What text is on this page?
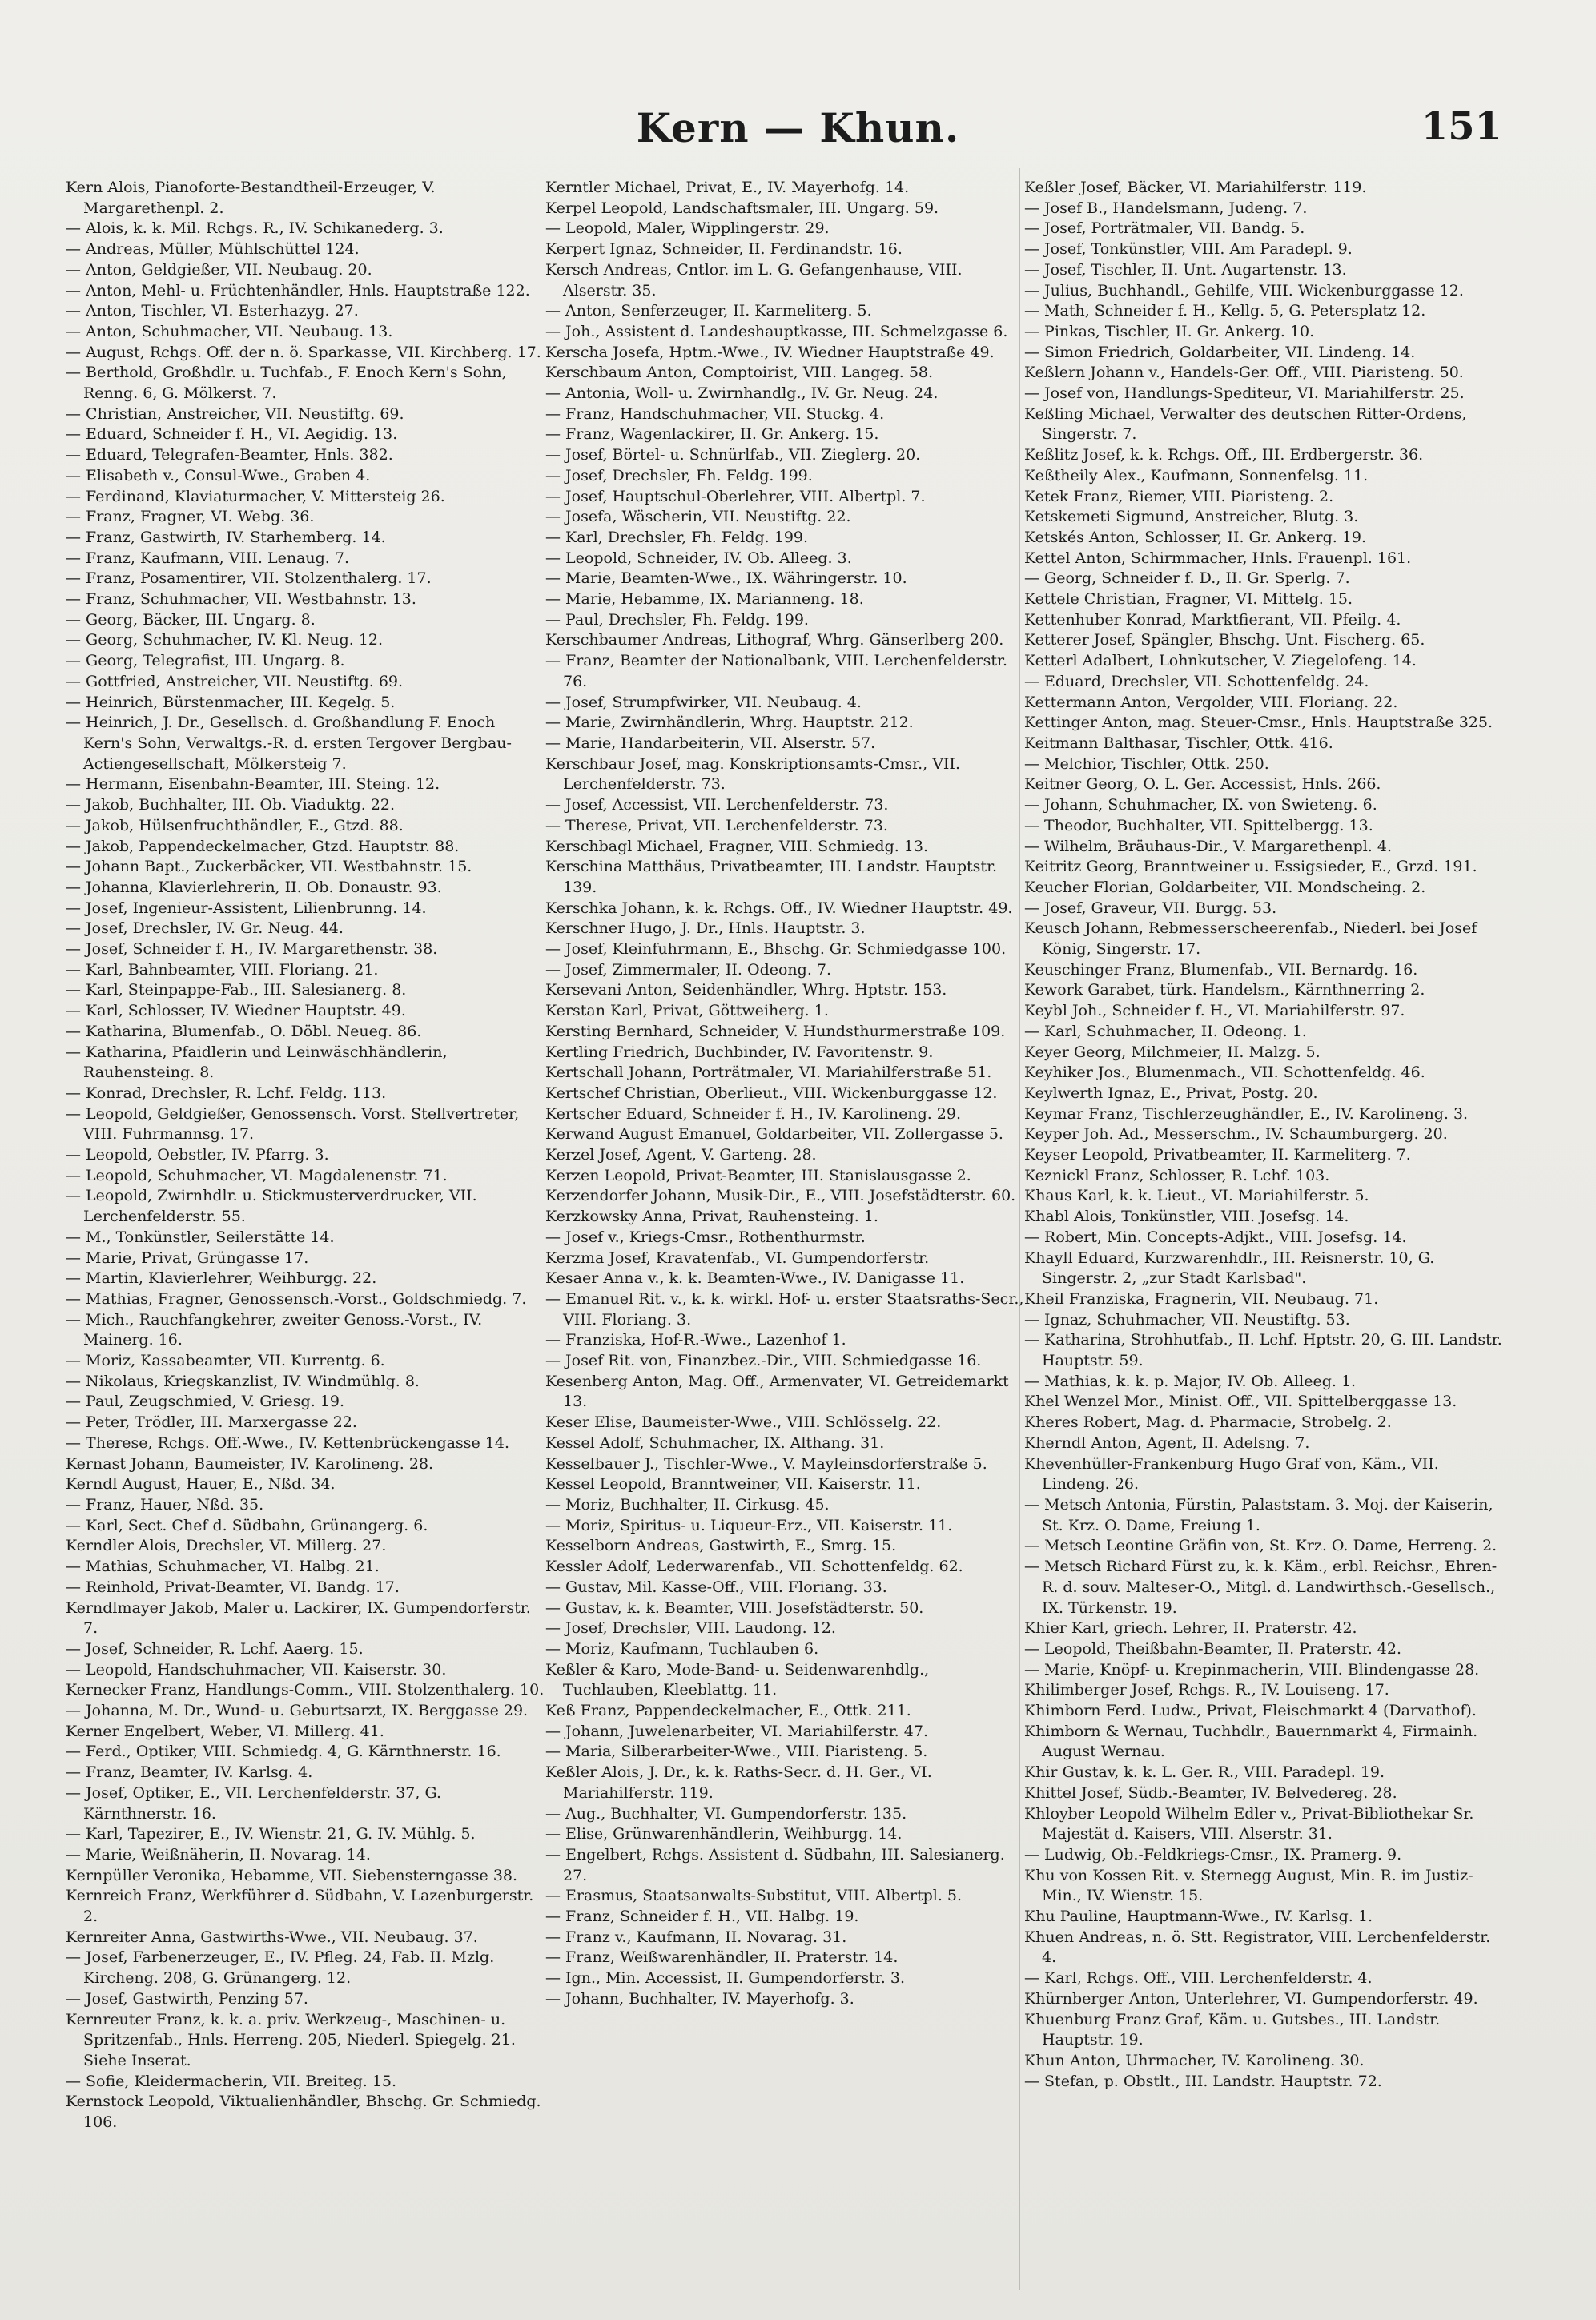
Kern — Khun.	151

Kern Alois, Pianoforte-Bestandtheil-Erzeuger, V. Margarethenpl. 2.

— Alois, k. k. Mil. Rchgs. R., IV. Schikanederg. 3.

— Andreas, Müller, Mühlschüttel 124.

— Anton, Geldgießer, VII. Neubaug. 20.

— Anton, Mehl- u. Früchtenhändler, Hnls. Hauptstraße 122.

— Anton, Tischler, VI. Esterhazyg. 27.

— Anton, Schuhmacher, VII. Neubaug. 13.

— August, Rchgs. Off. der n. ö. Sparkasse, VII. Kirchberg. 17.

— Berthold, Großhdlr. u. Tuchfab., F. Enoch Kern's Sohn, Renng. 6, G. Mölkerst. 7.

— Christian, Anstreicher, VII. Neustiftg. 69.

— Eduard, Schneider f. H., VI. Aegidig. 13.

— Eduard, Telegrafen-Beamter, Hnls. 382.

— Elisabeth v., Consul-Wwe., Graben 4.

— Ferdinand, Klaviaturmacher, V. Mittersteig 26.

— Franz, Fragner, VI. Webg. 36.

— Franz, Gastwirth, IV. Starhemberg. 14.

— Franz, Kaufmann, VIII. Lenaug. 7.

— Franz, Posamentirer, VII. Stolzenthalerg. 17.

— Franz, Schuhmacher, VII. Westbahnstr. 13.

— Georg, Bäcker, III. Ungarg. 8.

— Georg, Schuhmacher, IV. Kl. Neug. 12.

— Georg, Telegrafist, III. Ungarg. 8.

— Gottfried, Anstreicher, VII. Neustiftg. 69.

— Heinrich, Bürstenmacher, III. Kegelg. 5.

— Heinrich, J. Dr., Gesellsch. d. Großhandlung F. Enoch Kern's Sohn, Verwaltgs.-R. d. ersten Tergover Bergbau-Actiengesellschaft, Mölkersteig 7.

— Hermann, Eisenbahn-Beamter, III. Steing. 12.

— Jakob, Buchhalter, III. Ob. Viaduktg. 22.

— Jakob, Hülsenfruchthändler, E., Gtzd. 88.

— Jakob, Pappendeckelmacher, Gtzd. Hauptstr. 88.

— Johann Bapt., Zuckerbäcker, VII. Westbahnstr. 15.

— Johanna, Klavierlehrerin, II. Ob. Donaustr. 93.

— Josef, Ingenieur-Assistent, Lilienbrunng. 14.

— Josef, Drechsler, IV. Gr. Neug. 44.

— Josef, Schneider f. H., IV. Margarethenstr. 38.

— Karl, Bahnbeamter, VIII. Floriang. 21.

— Karl, Steinpappe-Fab., III. Salesianerg. 8.

— Karl, Schlosser, IV. Wiedner Hauptstr. 49.

— Katharina, Blumenfab., O. Döbl. Neueg. 86.

— Katharina, Pfaidlerin und Leinwäschhändlerin, Rauhensteing. 8.

— Konrad, Drechsler, R. Lchf. Feldg. 113.

— Leopold, Geldgießer, Genossensch. Vorst. Stellvertreter, VIII. Fuhrmannsg. 17.

— Leopold, Oebstler, IV. Pfarrg. 3.

— Leopold, Schuhmacher, VI. Magdalenenstr. 71.

— Leopold, Zwirnhdlr. u. Stickmusterverdrucker, VII. Lerchenfelderstr. 55.

— M., Tonkünstler, Seilerstätte 14.

— Marie, Privat, Grüngasse 17.

— Martin, Klavierlehrer, Weihburgg. 22.

— Mathias, Fragner, Genossensch.-Vorst., Goldschmiedg. 7.

— Mich., Rauchfangkehrer, zweiter Genoss.-Vorst., IV. Mainerg. 16.

— Moriz, Kassabeamter, VII. Kurrentg. 6.

— Nikolaus, Kriegskanzlist, IV. Windmühlg. 8.

— Paul, Zeugschmied, V. Griesg. 19.

— Peter, Trödler, III. Marxergasse 22.

— Therese, Rchgs. Off.-Wwe., IV. Kettenbrückengasse 14.

Kernast Johann, Baumeister, IV. Karolineng. 28.

Kerndl August, Hauer, E., Nßd. 34.

— Franz, Hauer, Nßd. 35.

— Karl, Sect. Chef d. Südbahn, Grünangerg. 6.

Kerndler Alois, Drechsler, VI. Millerg. 27.

— Mathias, Schuhmacher, VI. Halbg. 21.

— Reinhold, Privat-Beamter, VI. Bandg. 17.

Kerndlmayer Jakob, Maler u. Lackirer, IX. Gumpendorferstr. 7.

— Josef, Schneider, R. Lchf. Aaerg. 15.

— Leopold, Handschuhmacher, VII. Kaiserstr. 30.

Kernecker Franz, Handlungs-Comm., VIII. Stolzenthalerg. 10.

— Johanna, M. Dr., Wund- u. Geburtsarzt, IX. Berggasse 29.

Kerner Engelbert, Weber, VI. Millerg. 41.

— Ferd., Optiker, VIII. Schmiedg. 4, G. Kärnthnerstr. 16.

— Franz, Beamter, IV. Karlsg. 4.

— Josef, Optiker, E., VII. Lerchenfelderstr. 37, G. Kärnthnerstr. 16.

— Karl, Tapezirer, E., IV. Wienstr. 21, G. IV. Mühlg. 5.

— Marie, Weißnäherin, II. Novarag. 14.

Kernpüller Veronika, Hebamme, VII. Siebensterngasse 38.

Kernreich Franz, Werkführer d. Südbahn, V. Lazenburgerstr. 2.

Kernreiter Anna, Gastwirths-Wwe., VII. Neubaug. 37.

— Josef, Farbenerzeuger, E., IV. Pfleg. 24, Fab. II. Mzlg. Kircheng. 208, G. Grünangerg. 12.

— Josef, Gastwirth, Penzing 57.

Kernreuter Franz, k. k. a. priv. Werkzeug-, Maschinen- u. Spritzenfab., Hnls. Herreng. 205, Niederl. Spiegelg. 21. Siehe Inserat.

— Sofie, Kleidermacherin, VII. Breiteg. 15.

Kernstock Leopold, Viktualienhändler, Bhschg. Gr. Schmiedg. 106.

Kerntler Michael, Privat, E., IV. Mayerhofg. 14.

Kerpel Leopold, Landschaftsmaler, III. Ungarg. 59.

— Leopold, Maler, Wipplingerstr. 29.

Kerpert Ignaz, Schneider, II. Ferdinandstr. 16.

Kersch Andreas, Cntlor. im L. G. Gefangenhause, VIII. Alserstr. 35.

— Anton, Senferzeuger, II. Karmeliterg. 5.

— Joh., Assistent d. Landeshauptkasse, III. Schmelzgasse 6.

Kerscha Josefa, Hptm.-Wwe., IV. Wiedner Hauptstraße 49.

Kerschbaum Anton, Comptoirist, VIII. Langeg. 58.

— Antonia, Woll- u. Zwirnhandlg., IV. Gr. Neug. 24.

— Franz, Handschuhmacher, VII. Stuckg. 4.

— Franz, Wagenlackirer, II. Gr. Ankerg. 15.

— Josef, Börtel- u. Schnürlfab., VII. Zieglerg. 20.

— Josef, Drechsler, Fh. Feldg. 199.

— Josef, Hauptschul-Oberlehrer, VIII. Albertpl. 7.

— Josefa, Wäscherin, VII. Neustiftg. 22.

— Karl, Drechsler, Fh. Feldg. 199.

— Leopold, Schneider, IV. Ob. Alleeg. 3.

— Marie, Beamten-Wwe., IX. Währingerstr. 10.

— Marie, Hebamme, IX. Marianneng. 18.

— Paul, Drechsler, Fh. Feldg. 199.

Kerschbaumer Andreas, Lithograf, Whrg. Gänserlberg 200.

— Franz, Beamter der Nationalbank, VIII. Lerchenfelderstr. 76.

— Josef, Strumpfwirker, VII. Neubaug. 4.

— Marie, Zwirnhändlerin, Whrg. Hauptstr. 212.

— Marie, Handarbeiterin, VII. Alserstr. 57.

Kerschbaur Josef, mag. Konskriptionsamts-Cmsr., VII. Lerchenfelderstr. 73.

— Josef, Accessist, VII. Lerchenfelderstr. 73.

— Therese, Privat, VII. Lerchenfelderstr. 73.

Kerschbagl Michael, Fragner, VIII. Schmiedg. 13.

Kerschina Matthäus, Privatbeamter, III. Landstr. Hauptstr. 139.

Kerschka Johann, k. k. Rchgs. Off., IV. Wiedner Hauptstr. 49.

Kerschner Hugo, J. Dr., Hnls. Hauptstr. 3.

— Josef, Kleinfuhrmann, E., Bhschg. Gr. Schmiedgasse 100.

— Josef, Zimmermaler, II. Odeong. 7.

Kersevani Anton, Seidenhändler, Whrg. Hptstr. 153.

Kerstan Karl, Privat, Göttweiherg. 1.

Kersting Bernhard, Schneider, V. Hundsthurmerstraße 109.

Kertling Friedrich, Buchbinder, IV. Favoritenstr. 9.

Kertschall Johann, Porträtmaler, VI. Mariahilferstraße 51.

Kertschef Christian, Oberlieut., VIII. Wickenburggasse 12.

Kertscher Eduard, Schneider f. H., IV. Karolineng. 29.

Kerwand August Emanuel, Goldarbeiter, VII. Zollergasse 5.

Kerzel Josef, Agent, V. Garteng. 28.

Kerzen Leopold, Privat-Beamter, III. Stanislausgasse 2.

Kerzendorfer Johann, Musik-Dir., E., VIII. Josefstädterstr. 60.

Kerzkowsky Anna, Privat, Rauhensteing. 1.

— Josef v., Kriegs-Cmsr., Rothenthurmstr.

Kerzma Josef, Kravatenfab., VI. Gumpendorferstr.

Kesaer Anna v., k. k. Beamten-Wwe., IV. Danigasse 11.

— Emanuel Rit. v., k. k. wirkl. Hof- u. erster Staatsraths-Secr., VIII. Floriang. 3.

— Franziska, Hof-R.-Wwe., Lazenhof 1.

— Josef Rit. von, Finanzbez.-Dir., VIII. Schmiedgasse 16.

Kesenberg Anton, Mag. Off., Armenvater, VI. Getreidemarkt 13.

Keser Elise, Baumeister-Wwe., VIII. Schlösselg. 22.

Kessel Adolf, Schuhmacher, IX. Althang. 31.

Kesselbauer J., Tischler-Wwe., V. Mayleinsdorferstraße 5.

Kessel Leopold, Branntweiner, VII. Kaiserstr. 11.

— Moriz, Buchhalter, II. Cirkusg. 45.

— Moriz, Spiritus- u. Liqueur-Erz., VII. Kaiserstr. 11.

Kesselborn Andreas, Gastwirth, E., Smrg. 15.

Kessler Adolf, Lederwarenfab., VII. Schottenfeldg. 62.

— Gustav, Mil. Kasse-Off., VIII. Floriang. 33.

— Gustav, k. k. Beamter, VIII. Josefstädterstr. 50.

— Josef, Drechsler, VIII. Laudong. 12.

— Moriz, Kaufmann, Tuchlauben 6.

Keßler & Karo, Mode-Band- u. Seidenwarenhdlg., Tuchlauben, Kleeblattg. 11.

Keß Franz, Pappendeckelmacher, E., Ottk. 211.

— Johann, Juwelenarbeiter, VI. Mariahilferstr. 47.

— Maria, Silberarbeiter-Wwe., VIII. Piaristeng. 5.

Keßler Alois, J. Dr., k. k. Raths-Secr. d. H. Ger., VI. Mariahilferstr. 119.

— Aug., Buchhalter, VI. Gumpendorferstr. 135.

— Elise, Grünwarenhändlerin, Weihburgg. 14.

— Engelbert, Rchgs. Assistent d. Südbahn, III. Salesianerg. 27.

— Erasmus, Staatsanwalts-Substitut, VIII. Albertpl. 5.

— Franz, Schneider f. H., VII. Halbg. 19.

— Franz v., Kaufmann, II. Novarag. 31.

— Franz, Weißwarenhändler, II. Praterstr. 14.

— Ign., Min. Accessist, II. Gumpendorferstr. 3.

— Johann, Buchhalter, IV. Mayerhofg. 3.

Keßler Josef, Bäcker, VI. Mariahilferstr. 119.

— Josef B., Handelsmann, Judeng. 7.

— Josef, Porträtmaler, VII. Bandg. 5.

— Josef, Tonkünstler, VIII. Am Paradepl. 9.

— Josef, Tischler, II. Unt. Augartenstr. 13.

— Julius, Buchhandl., Gehilfe, VIII. Wickenburggasse 12.

— Math, Schneider f. H., Kellg. 5, G. Petersplatz 12.

— Pinkas, Tischler, II. Gr. Ankerg. 10.

— Simon Friedrich, Goldarbeiter, VII. Lindeng. 14.

Keßlern Johann v., Handels-Ger. Off., VIII. Piaristeng. 50.

— Josef von, Handlungs-Spediteur, VI. Mariahilferstr. 25.

Keßling Michael, Verwalter des deutschen Ritter-Ordens, Singerstr. 7.

Keßlitz Josef, k. k. Rchgs. Off., III. Erdbergerstr. 36.

Keßtheily Alex., Kaufmann, Sonnenfelsg. 11.

Ketek Franz, Riemer, VIII. Piaristeng. 2.

Ketskemeti Sigmund, Anstreicher, Blutg. 3.

Ketskés Anton, Schlosser, II. Gr. Ankerg. 19.

Kettel Anton, Schirmmacher, Hnls. Frauenpl. 161.

— Georg, Schneider f. D., II. Gr. Sperlg. 7.

Kettele Christian, Fragner, VI. Mittelg. 15.

Kettenhuber Konrad, Marktfierant, VII. Pfeilg. 4.

Ketterer Josef, Spängler, Bhschg. Unt. Fischerg. 65.

Ketterl Adalbert, Lohnkutscher, V. Ziegelofeng. 14.

— Eduard, Drechsler, VII. Schottenfeldg. 24.

Kettermann Anton, Vergolder, VIII. Floriang. 22.

Kettinger Anton, mag. Steuer-Cmsr., Hnls. Hauptstraße 325.

Keitmann Balthasar, Tischler, Ottk. 416.

— Melchior, Tischler, Ottk. 250.

Keitner Georg, O. L. Ger. Accessist, Hnls. 266.

— Johann, Schuhmacher, IX. von Swieteng. 6.

— Theodor, Buchhalter, VII. Spittelbergg. 13.

— Wilhelm, Bräuhaus-Dir., V. Margarethenpl. 4.

Keitritz Georg, Branntweiner u. Essigsieder, E., Grzd. 191.

Keucher Florian, Goldarbeiter, VII. Mondscheing. 2.

— Josef, Graveur, VII. Burgg. 53.

Keusch Johann, Rebmesserscheerenfab., Niederl. bei Josef König, Singerstr. 17.

Keuschinger Franz, Blumenfab., VII. Bernardg. 16.

Kework Garabet, türk. Handelsm., Kärnthnerring 2.

Keybl Joh., Schneider f. H., VI. Mariahilferstr. 97.

— Karl, Schuhmacher, II. Odeong. 1.

Keyer Georg, Milchmeier, II. Malzg. 5.

Keyhiker Jos., Blumenmach., VII. Schottenfeldg. 46.

Keylwerth Ignaz, E., Privat, Postg. 20.

Keymar Franz, Tischlerzeughändler, E., IV. Karolineng. 3.

Keyper Joh. Ad., Messerschm., IV. Schaumburgerg. 20.

Keyser Leopold, Privatbeamter, II. Karmeliterg. 7.

Keznickl Franz, Schlosser, R. Lchf. 103.

Khaus Karl, k. k. Lieut., VI. Mariahilferstr. 5.

Khabl Alois, Tonkünstler, VIII. Josefsg. 14.

— Robert, Min. Concepts-Adjkt., VIII. Josefsg. 14.

Khayll Eduard, Kurzwarenhdlr., III. Reisnerstr. 10, G. Singerstr. 2, „zur Stadt Karlsbad".

Kheil Franziska, Fragnerin, VII. Neubaug. 71.

— Ignaz, Schuhmacher, VII. Neustiftg. 53.

— Katharina, Strohhutfab., II. Lchf. Hptstr. 20, G. III. Landstr. Hauptstr. 59.

— Mathias, k. k. p. Major, IV. Ob. Alleeg. 1.

Khel Wenzel Mor., Minist. Off., VII. Spittelberggasse 13.

Kheres Robert, Mag. d. Pharmacie, Strobelg. 2.

Kherndl Anton, Agent, II. Adelsng. 7.

Khevenhüller-Frankenburg Hugo Graf von, Käm., VII. Lindeng. 26.

— Metsch Antonia, Fürstin, Palaststam. 3. Moj. der Kaiserin, St. Krz. O. Dame, Freiung 1.

— Metsch Leontine Gräfin von, St. Krz. O. Dame, Herreng. 2.

— Metsch Richard Fürst zu, k. k. Käm., erbl. Reichsr., Ehren-R. d. souv. Malteser-O., Mitgl. d. Landwirthsch.-Gesellsch., IX. Türkenstr. 19.

Khier Karl, griech. Lehrer, II. Praterstr. 42.

— Leopold, Theißbahn-Beamter, II. Praterstr. 42.

— Marie, Knöpf- u. Krepinmacherin, VIII. Blindengasse 28.

Khilimberger Josef, Rchgs. R., IV. Louiseng. 17.

Khimborn Ferd. Ludw., Privat, Fleischmarkt 4 (Darvathof).

Khimborn & Wernau, Tuchhdlr., Bauernmarkt 4, Firmainh. August Wernau.

Khir Gustav, k. k. L. Ger. R., VIII. Paradepl. 19.

Khittel Josef, Südb.-Beamter, IV. Belvedereg. 28.

Khloyber Leopold Wilhelm Edler v., Privat-Bibliothekar Sr. Majestät d. Kaisers, VIII. Alserstr. 31.

— Ludwig, Ob.-Feldkriegs-Cmsr., IX. Pramerg. 9.

Khu von Kossen Rit. v. Sternegg August, Min. R. im Justiz-Min., IV. Wienstr. 15.

Khu Pauline, Hauptmann-Wwe., IV. Karlsg. 1.

Khuen Andreas, n. ö. Stt. Registrator, VIII. Lerchenfelderstr. 4.

— Karl, Rchgs. Off., VIII. Lerchenfelderstr. 4.

Khürnberger Anton, Unterlehrer, VI. Gumpendorferstr. 49.

Khuenburg Franz Graf, Käm. u. Gutsbes., III. Landstr. Hauptstr. 19.

Khun Anton, Uhrmacher, IV. Karolineng. 30.

— Stefan, p. Obstlt., III. Landstr. Hauptstr. 72.
